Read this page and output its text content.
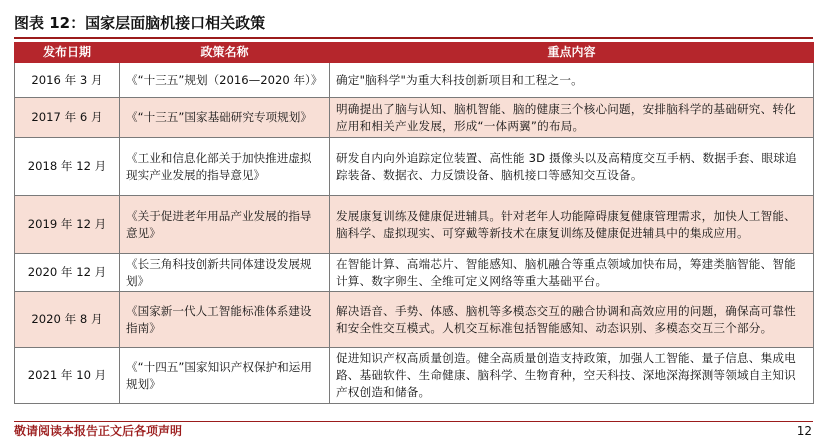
图表 12：国家层面脑机接口相关政策
发布日期	政策名称	重点内容
2016 年 3 月	《“十三五”规划（2016—2020 年）》	确定"脑科学"为重大科技创新项目和工程之一。
2017 年 6 月	《“十三五”国家基础研究专项规划》	明确提出了脑与认知、脑机智能、脑的健康三个核心问题，安排脑科学的基础研究、转化应用和相关产业发展，形成“一体两翼”的布局。
2018 年 12 月	《工业和信息化部关于加快推进虚拟现实产业发展的指导意见》	研发自内向外追踪定位装置、高性能 3D 摄像头以及高精度交互手柄、数据手套、眼球追踪装备、数据衣、力反馈设备、脑机接口等感知交互设备。
2019 年 12 月	《关于促进老年用品产业发展的指导意见》	发展康复训练及健康促进辅具。针对老年人功能障碍康复健康管理需求，加快人工智能、脑科学、虚拟现实、可穿戴等新技术在康复训练及健康促进辅具中的集成应用。
2020 年 12 月	《长三角科技创新共同体建设发展规划》	在智能计算、高端芯片、智能感知、脑机融合等重点领域加快布局，筹建类脑智能、智能计算、数字卵生、全维可定义网络等重大基础平台。
2020 年 8 月	《国家新一代人工智能标准体系建设指南》	解决语音、手势、体感、脑机等多模态交互的融合协调和高效应用的问题，确保高可靠性和安全性交互模式。人机交互标准包括智能感知、动态识别、多模态交互三个部分。
2021 年 10 月	《“十四五”国家知识产权保护和运用规划》	促进知识产权高质量创造。健全高质量创造支持政策，加强人工智能、量子信息、集成电路、基础软件、生命健康、脑科学、生物育种，空天科技、深地深海探测等领域自主知识产权创造和储备。
敬请阅读本报告正文后各项声明	12
